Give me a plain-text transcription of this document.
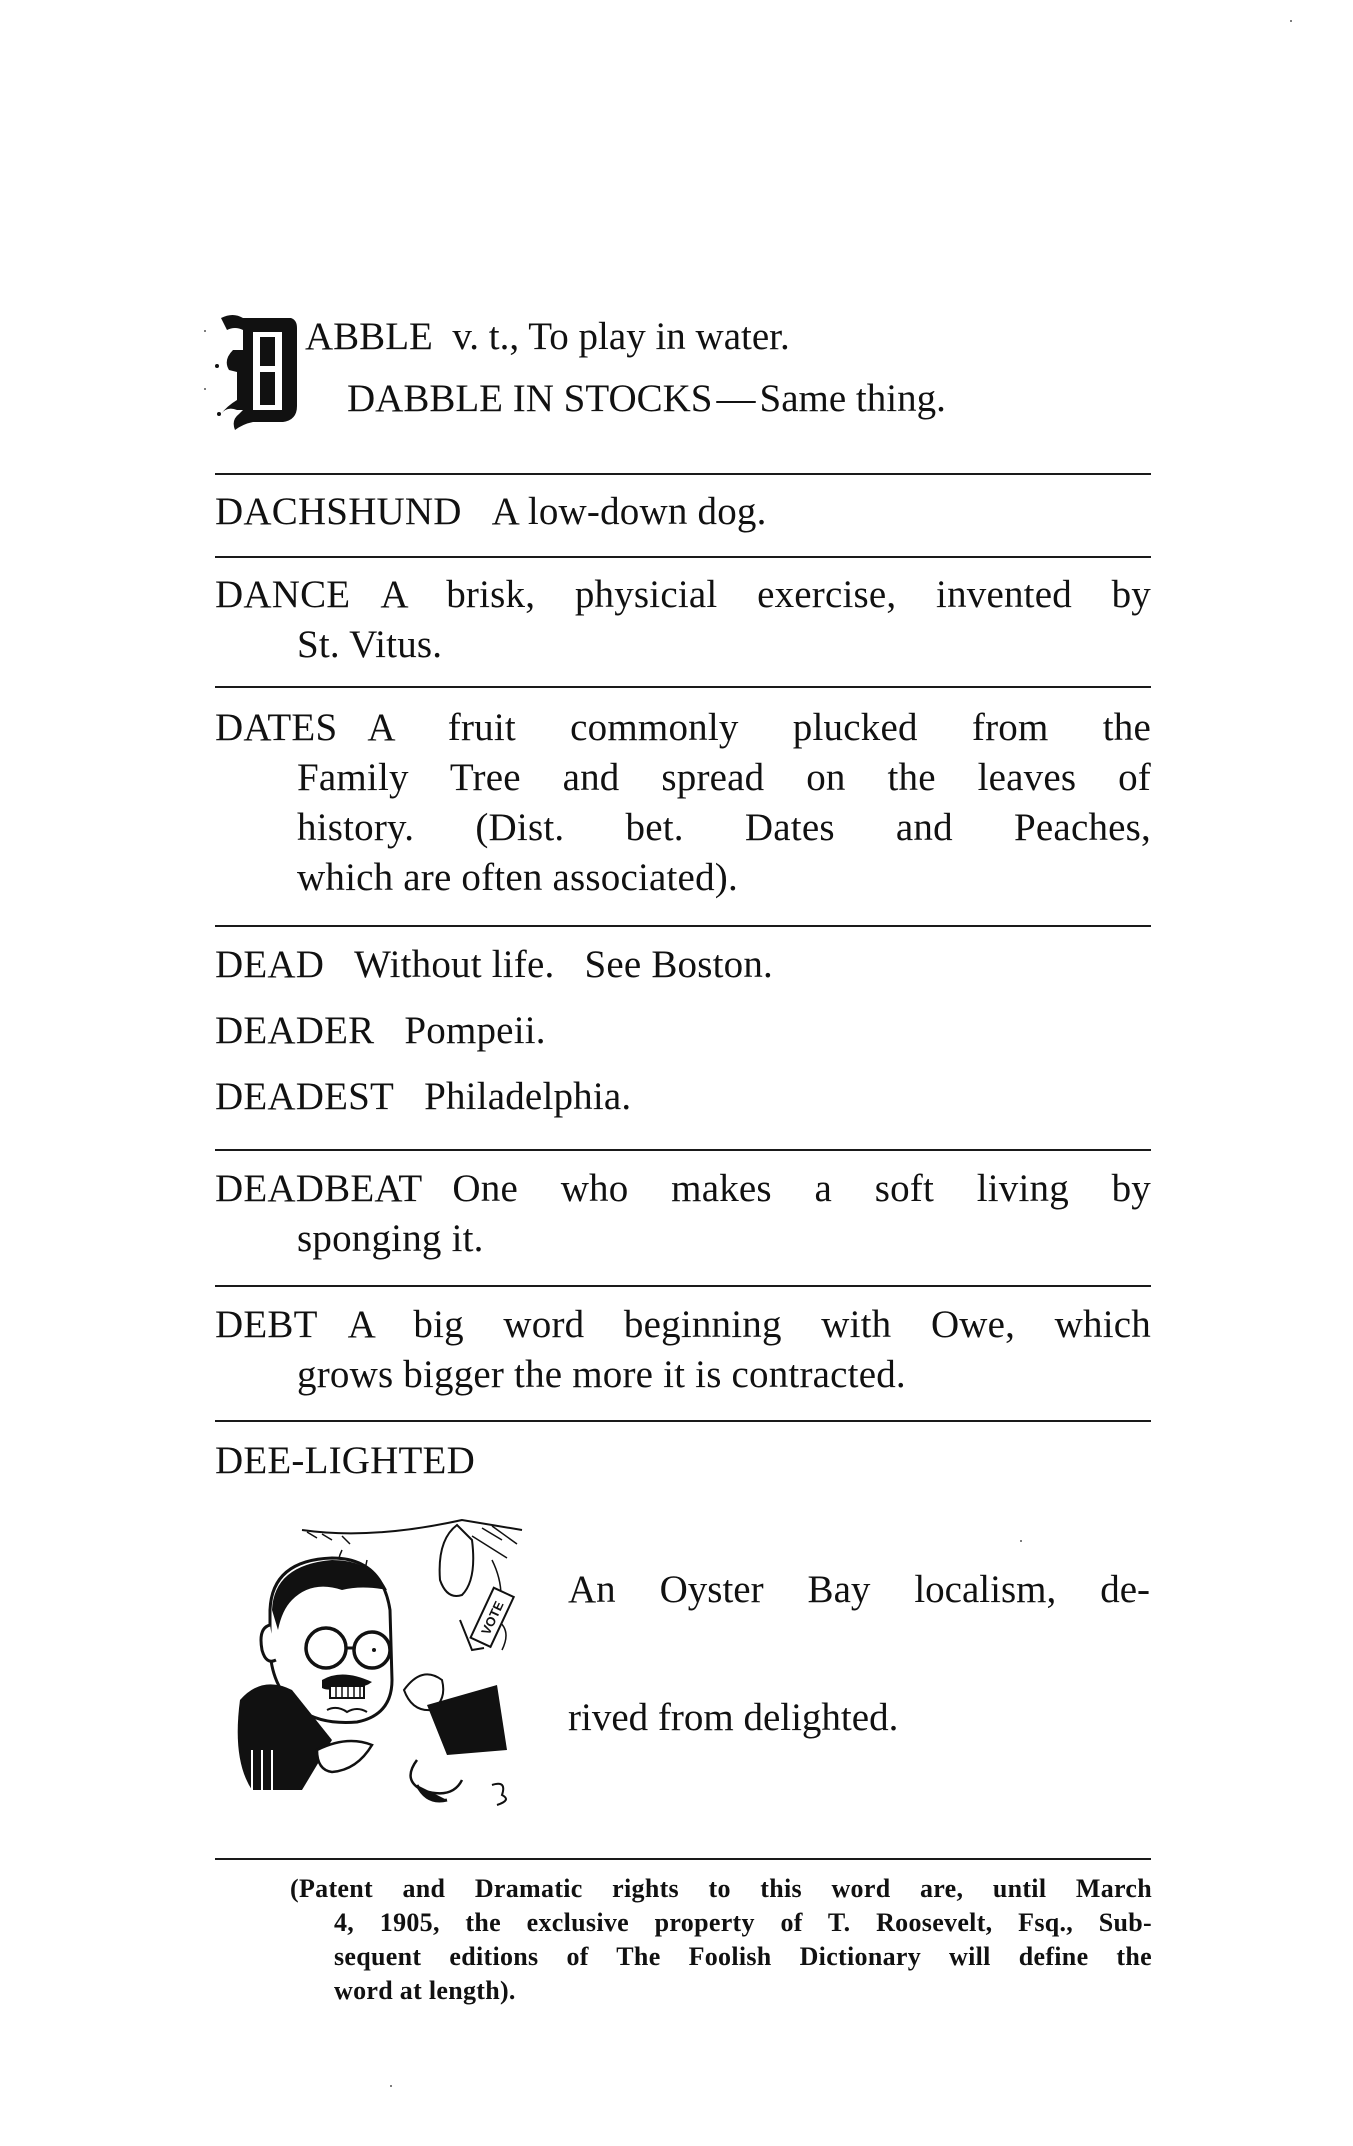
ABBLE v. t., To play in water.
DABBLE IN STOCKS — Same thing.
DACHSHUND A low-down dog.
DANCE A brisk, physicial exercise, invented by
St. Vitus.
DATES A fruit commonly plucked from the
Family Tree and spread on the leaves of
history. (Dist. bet. Dates and Peaches,
which are often associated).
DEAD Without life. See Boston.
DEADER Pompeii.
DEADEST Philadelphia.
DEADBEAT One who makes a soft living by
sponging it.
DEBT A big word beginning with Owe, which
grows bigger the more it is contracted.
DEE-LIGHTED
VOTE
An Oyster Bay localism, de-
rived from delighted.
(Patent and Dramatic rights to this word are, until March
4, 1905, the exclusive property of T. Roosevelt, Fsq., Sub-
sequent editions of The Foolish Dictionary will define the
word at length).
